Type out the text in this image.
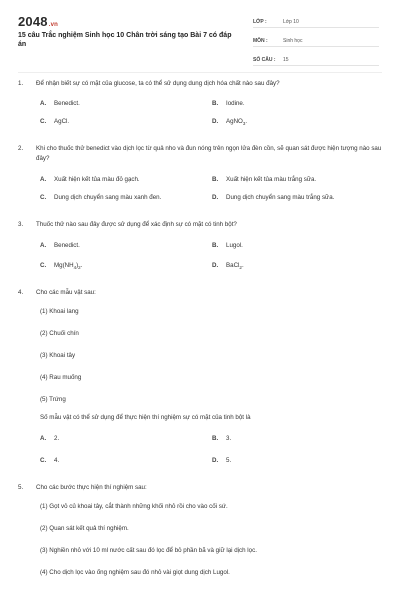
2048.vn
15 câu Trắc nghiệm Sinh học 10 Chân trời sáng tạo Bài 7 có đáp án
LỚP :	Lớp 10
MÔN :	Sinh học
SỐ CÂU :	15
1.	Để nhận biết sự có mặt của glucose, ta có thể sử dụng dung dịch hóa chất nào sau đây?
A.	Benedict.	B.	Iodine.
C.	AgCl.	D.	AgNO$_3$.
2.	Khi cho thuốc thử benedict vào dịch lọc từ quả nho và đun nóng trên ngọn lửa đèn cồn, sẽ quan sát được hiện tượng nào sau đây?
A.	Xuất hiện kết tủa màu đỏ gạch.	B.	Xuất hiện kết tủa màu trắng sữa.
C.	Dung dịch chuyển sang màu xanh đen.	D.	Dung dịch chuyển sang màu trắng sữa.
3.	Thuốc thử nào sau đây được sử dụng để xác định sự có mặt có tinh bột?
A.	Benedict.	B.	Lugol.
C.	$Mg(NH_4)_2$.	D.	BaCl$_2$.
4.	Cho các mẫu vật sau:
(1) Khoai lang
(2) Chuối chín
(3) Khoai tây
(4) Rau muống
(5) Trứng
Số mẫu vật có thể sử dụng để thực hiện thí nghiệm sự có mặt của tinh bột là
A.	2.	B.	3.
C.	4.	D.	5.
5.	Cho các bước thực hiện thí nghiệm sau:
(1) Gọt vỏ củ khoai tây, cắt thành những khối nhỏ rồi cho vào cối sứ.
(2) Quan sát kết quả thí nghiệm.
(3) Nghiền nhỏ với 10 ml nước cất sau đó lọc để bỏ phần bã và giữ lại dịch lọc.
(4) Cho dịch lọc vào ống nghiệm sau đó nhỏ vài giọt dung dịch Lugol.
